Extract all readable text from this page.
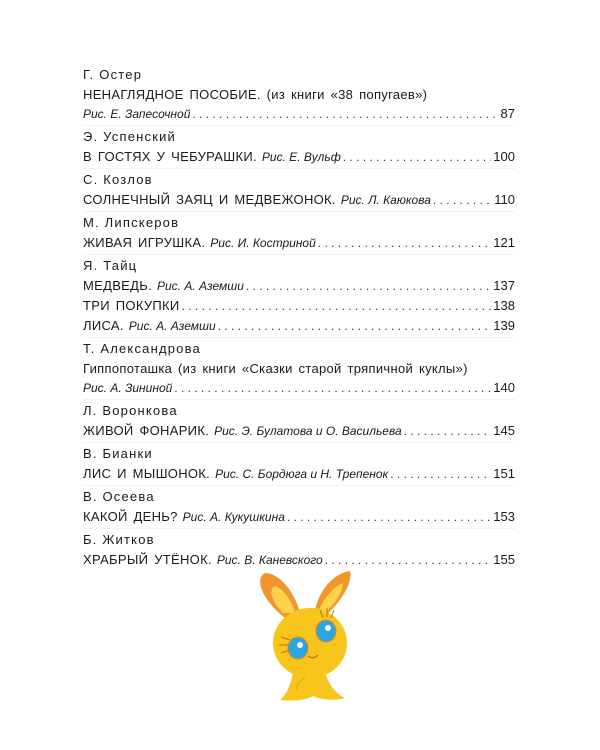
Г. Остер
НЕНАГЛЯДНОЕ ПОСОБИЕ. (из книги «38 попугаев»)
Рис. Е. Запесочной . . .	87
Э. Успенский
В ГОСТЯХ У ЧЕБУРАШКИ. Рис. Е. Вульф . . .	100
С. Козлов
СОЛНЕЧНЫЙ ЗАЯЦ И МЕДВЕЖОНОК. Рис. Л. Каюкова . . .	110
М. Липскеров
ЖИВАЯ ИГРУШКА. Рис. И. Костриной . . .	121
Я. Тайц
МЕДВЕДЬ. Рис. А. Аземши . . .	137
ТРИ ПОКУПКИ . . .	138
ЛИСА. Рис. А. Аземши . . .	139
Т. Александрова
Гиппопоташка (из книги «Сказки старой тряпичной куклы»)
Рис. А. Зининой . . .	140
Л. Воронкова
ЖИВОЙ ФОНАРИК. Рис. Э. Булатова и О. Васильева . . .	145
В. Бианки
ЛИС И МЫШОНОК. Рис. С. Бордюга и Н. Трепенок . . .	151
В. Осеева
КАКОЙ ДЕНЬ? Рис. А. Кукушкина . . .	153
Б. Житков
ХРАБРЫЙ УТЁНОК. Рис. В. Каневского . . .	155
